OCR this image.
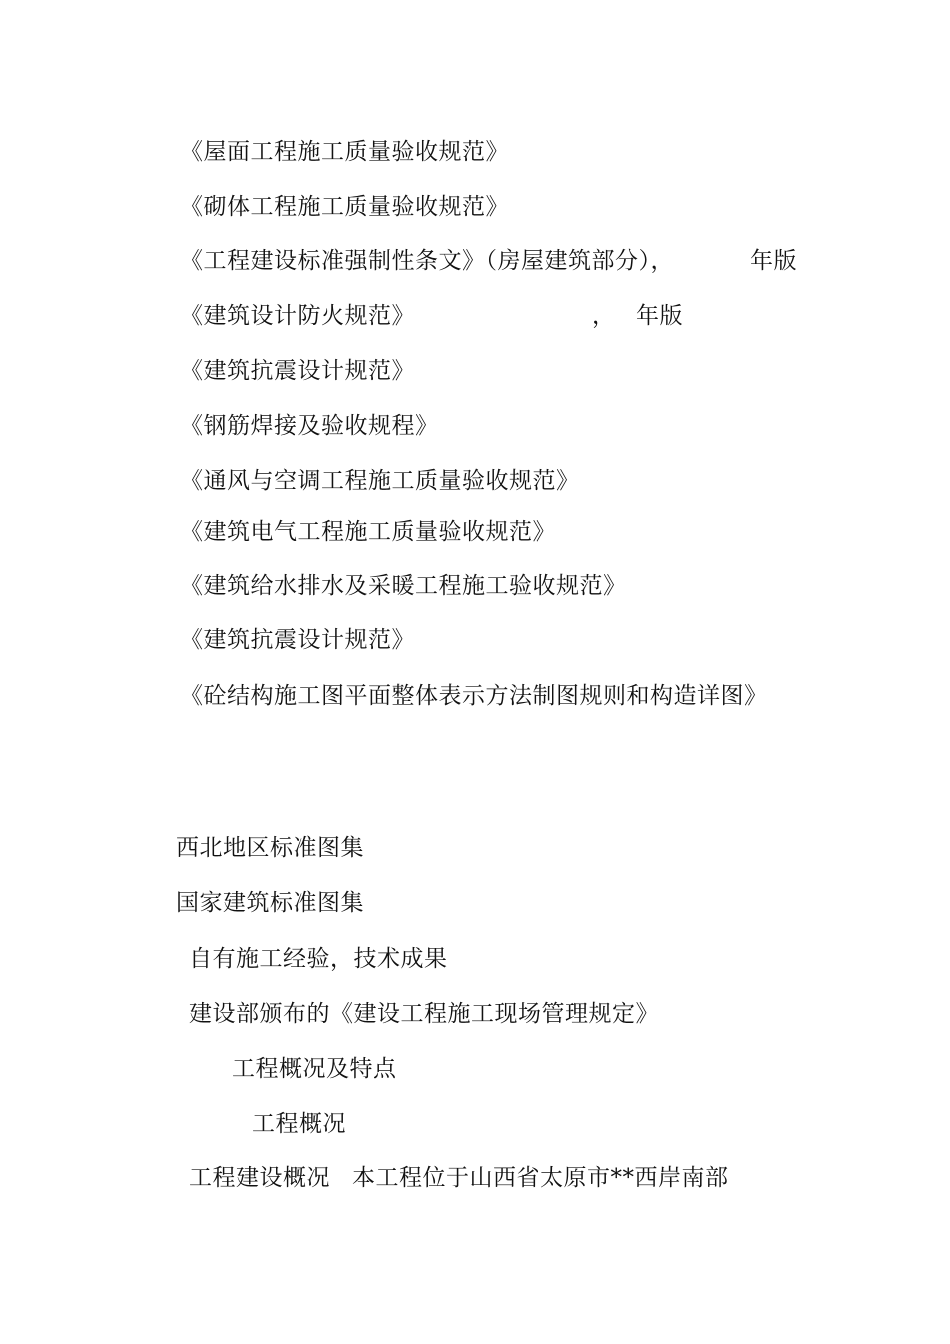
《屋面工程施工质量验收规范》
《砌体工程施工质量验收规范》
《工程建设标准强制性条文》（房屋建筑部分），	年版
《建筑设计防火规范》	， 年版
《建筑抗震设计规范》
《钢筋焊接及验收规程》
《通风与空调工程施工质量验收规范》
《建筑电气工程施工质量验收规范》
《建筑给水排水及采暖工程施工验收规范》
《建筑抗震设计规范》
《砼结构施工图平面整体表示方法制图规则和构造详图》
西北地区标准图集
国家建筑标准图集
自有施工经验，技术成果
建设部颁布的《建设工程施工现场管理规定》
工程概况及特点
工程概况
工程建设概况 本工程位于山西省太原市**西岸南部
